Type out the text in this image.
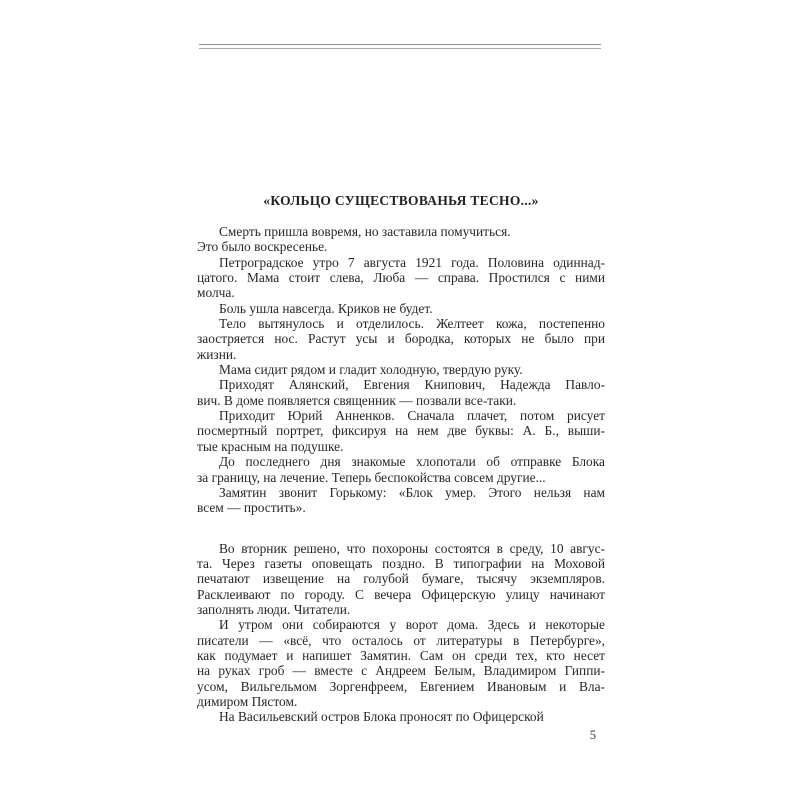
«КОЛЬЦО СУЩЕСТВОВАНЬЯ ТЕСНО...»
Смерть пришла вовремя, но заставила помучиться.
Это было воскресенье.
Петроградское утро 7 августа 1921 года. Половина одиннад-
цатого. Мама стоит слева, Люба — справа. Простился с ними
молча.
Боль ушла навсегда. Криков не будет.
Тело вытянулось и отделилось. Желтеет кожа, постепенно
заостряется нос. Растут усы и бородка, которых не было при
жизни.
Мама сидит рядом и гладит холодную, твердую руку.
Приходят Алянский, Евгения Книпович, Надежда Павло-
вич. В доме появляется священник — позвали все-таки.
Приходит Юрий Анненков. Сначала плачет, потом рисует
посмертный портрет, фиксируя на нем две буквы: А. Б., выши-
тые красным на подушке.
До последнего дня знакомые хлопотали об отправке Блока
за границу, на лечение. Теперь беспокойства совсем другие...
Замятин звонит Горькому: «Блок умер. Этого нельзя нам
всем — простить».
Во вторник решено, что похороны состоятся в среду, 10 авгус-
та. Через газеты оповещать поздно. В типографии на Моховой
печатают извещение на голубой бумаге, тысячу экземпляров.
Расклеивают по городу. С вечера Офицерскую улицу начинают
заполнять люди. Читатели.
И утром они собираются у ворот дома. Здесь и некоторые
писатели — «всё, что осталось от литературы в Петербурге»,
как подумает и напишет Замятин. Сам он среди тех, кто несет
на руках гроб — вместе с Андреем Белым, Владимиром Гиппи-
усом, Вильгельмом Зоргенфреем, Евгением Ивановым и Вла-
димиром Пястом.
На Васильевский остров Блока проносят по Офицерской
5
